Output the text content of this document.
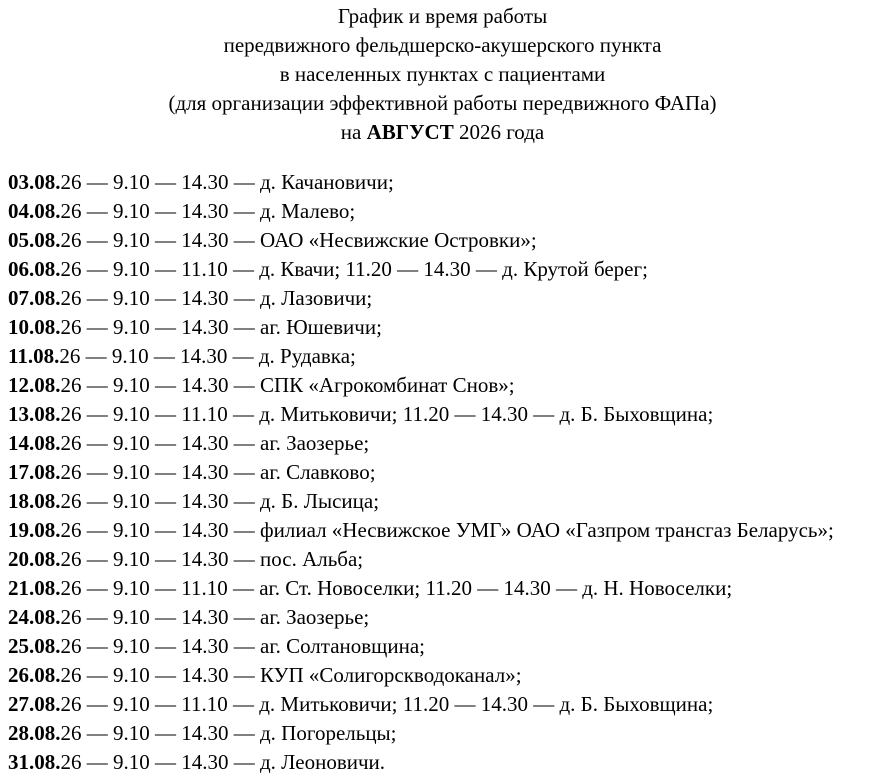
График и время работы
передвижного фельдшерско-акушерского пункта
в населенных пунктах с пациентами
(для организации эффективной работы передвижного ФАПа)
на АВГУСТ 2026 года
03.08.26 — 9.10 — 14.30 — д. Качановичи;
04.08.26 — 9.10 — 14.30 — д. Малево;
05.08.26 — 9.10 — 14.30 — ОАО «Несвижские Островки»;
06.08.26 — 9.10 — 11.10 — д. Квачи; 11.20 — 14.30 — д. Крутой берег;
07.08.26 — 9.10 — 14.30 — д. Лазовичи;
10.08.26 — 9.10 — 14.30 — аг. Юшевичи;
11.08.26 — 9.10 — 14.30 — д. Рудавка;
12.08.26 — 9.10 — 14.30 — СПК «Агрокомбинат Снов»;
13.08.26 — 9.10 — 11.10 — д. Митьковичи; 11.20 — 14.30 — д. Б. Быховщина;
14.08.26 — 9.10 — 14.30 — аг. Заозерье;
17.08.26 — 9.10 — 14.30 — аг. Славково;
18.08.26 — 9.10 — 14.30 — д. Б. Лысица;
19.08.26 — 9.10 — 14.30 — филиал «Несвижское УМГ» ОАО «Газпром трансгаз Беларусь»;
20.08.26 — 9.10 — 14.30 — пос. Альба;
21.08.26 — 9.10 — 11.10 — аг. Ст. Новоселки; 11.20 — 14.30 — д. Н. Новоселки;
24.08.26 — 9.10 — 14.30 — аг. Заозерье;
25.08.26 — 9.10 — 14.30 — аг. Солтановщина;
26.08.26 — 9.10 — 14.30 — КУП «Солигорскводоканал»;
27.08.26 — 9.10 — 11.10 — д. Митьковичи; 11.20 — 14.30 — д. Б. Быховщина;
28.08.26 — 9.10 — 14.30 — д. Погорельцы;
31.08.26 — 9.10 — 14.30 — д. Леоновичи.
